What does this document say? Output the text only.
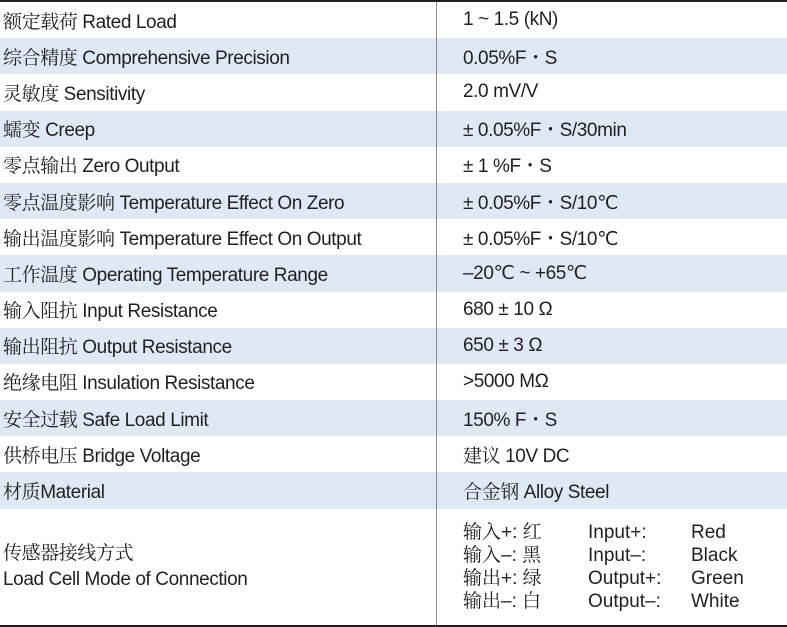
额定载荷 Rated Load	1 ~ 1.5 (kN)
综合精度 Comprehensive Precision	0.05%F・S
灵敏度 Sensitivity	2.0 mV/V
蠕变 Creep	± 0.05%F・S/30min
零点输出 Zero Output	± 1 %F・S
零点温度影响 Temperature Effect On Zero	± 0.05%F・S/10℃
输出温度影响 Temperature Effect On Output	± 0.05%F・S/10℃
工作温度 Operating Temperature Range	–20℃ ~ +65℃
输入阻抗 Input Resistance	680 ± 10 Ω
输出阻抗 Output Resistance	650 ± 3 Ω
绝缘电阻 Insulation Resistance	>5000 MΩ
安全过载 Safe Load Limit	150% F・S
供桥电压 Bridge Voltage	建议 10V DC
材质Material	合金钢 Alloy Steel
传感器接线方式
Load Cell Mode of Connection
输入+: 红	Input+:	Red
输入–: 黑	Input–:	Black
输出+: 绿	Output+:	Green
输出–: 白	Output–:	White
